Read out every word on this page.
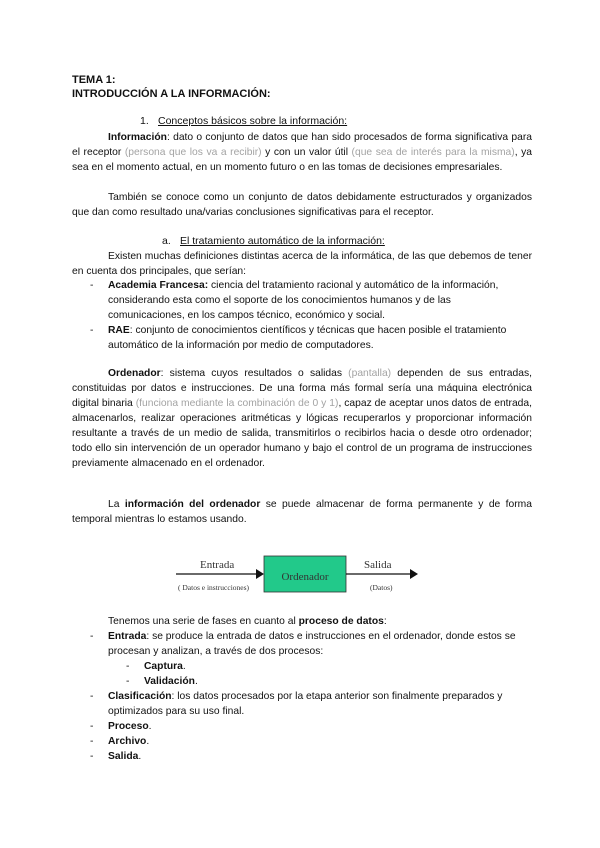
TEMA 1:
INTRODUCCIÓN A LA INFORMACIÓN:
1. Conceptos básicos sobre la información:
Información: dato o conjunto de datos que han sido procesados de forma significativa para el receptor (persona que los va a recibir) y con un valor útil (que sea de interés para la misma), ya sea en el momento actual, en un momento futuro o en las tomas de decisiones empresariales.
También se conoce como un conjunto de datos debidamente estructurados y organizados que dan como resultado una/varias conclusiones significativas para el receptor.
a. El tratamiento automático de la información:
Existen muchas definiciones distintas acerca de la informática, de las que debemos de tener en cuenta dos principales, que serían:
- Academia Francesa: ciencia del tratamiento racional y automático de la información, considerando esta como el soporte de los conocimientos humanos y de las comunicaciones, en los campos técnico, económico y social.
- RAE: conjunto de conocimientos científicos y técnicas que hacen posible el tratamiento automático de la información por medio de computadores.
Ordenador: sistema cuyos resultados o salidas (pantalla) dependen de sus entradas, constituidas por datos e instrucciones. De una forma más formal sería una máquina electrónica digital binaria (funciona mediante la combinación de 0 y 1), capaz de aceptar unos datos de entrada, almacenarlos, realizar operaciones aritméticas y lógicas recuperarlos y proporcionar información resultante a través de un medio de salida, transmitirlos o recibirlos hacia o desde otro ordenador; todo ello sin intervención de un operador humano y bajo el control de un programa de instrucciones previamente almacenado en el ordenador.
La información del ordenador se puede almacenar de forma permanente y de forma temporal mientras lo estamos usando.
Entrada
( Datos e instrucciones)
Ordenador
Salida
(Datos)
Tenemos una serie de fases en cuanto al proceso de datos:
- Entrada: se produce la entrada de datos e instrucciones en el ordenador, donde estos se procesan y analizan, a través de dos procesos:
- Captura.
- Validación.
- Clasificación: los datos procesados por la etapa anterior son finalmente preparados y optimizados para su uso final.
- Proceso.
- Archivo.
- Salida.
